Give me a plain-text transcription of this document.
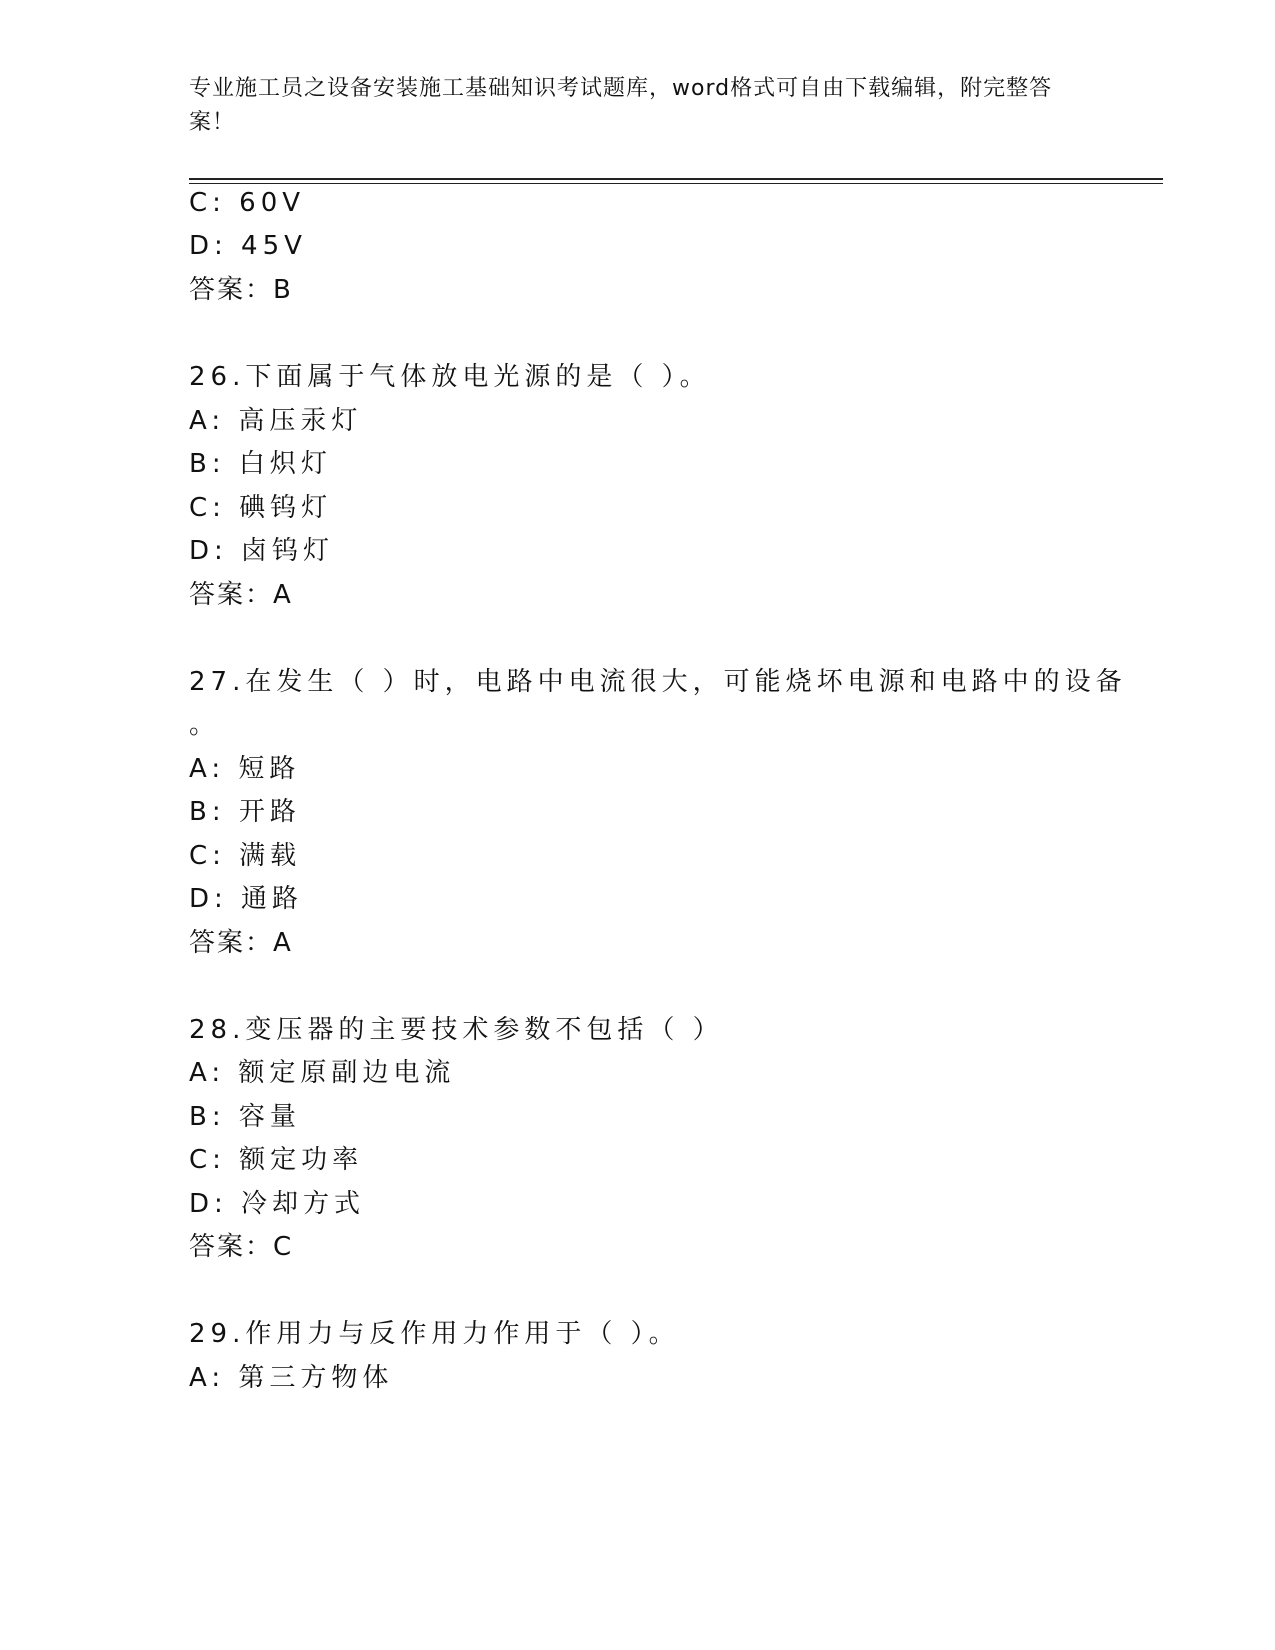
专业施工员之设备安装施工基础知识考试题库，word格式可自由下载编辑，附完整答案！
C: 60V
D: 45V
答案：B
26.下面属于气体放电光源的是（ ）。
A: 高压汞灯
B: 白炽灯
C: 碘钨灯
D: 卤钨灯
答案：A
27.在发生（ ）时，电路中电流很大，可能烧坏电源和电路中的设备
。
A: 短路
B: 开路
C: 满载
D: 通路
答案：A
28.变压器的主要技术参数不包括（ ）
A: 额定原副边电流
B: 容量
C: 额定功率
D: 冷却方式
答案：C
29.作用力与反作用力作用于（ ）。
A: 第三方物体
